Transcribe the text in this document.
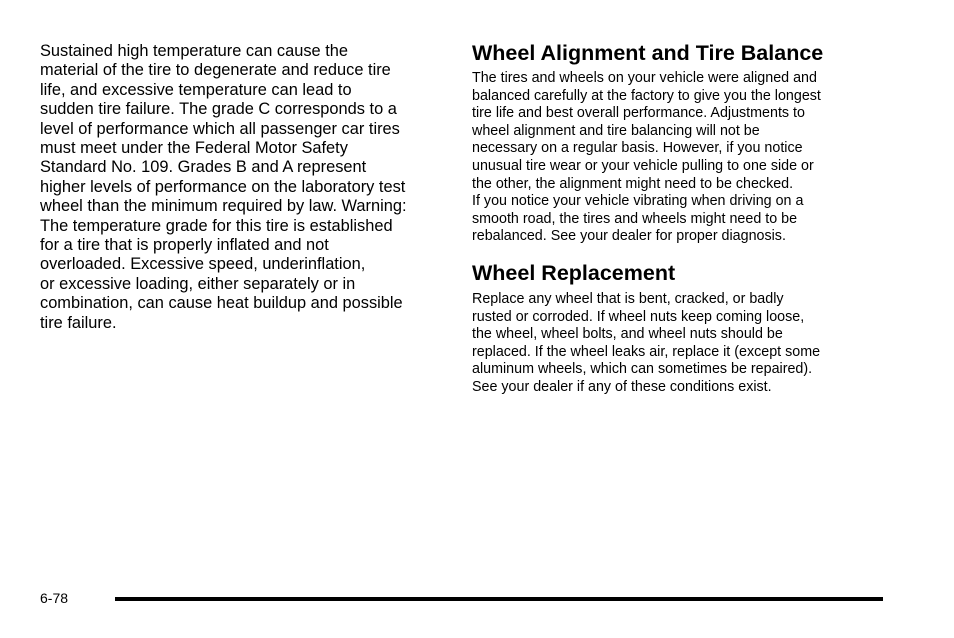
Sustained high temperature can cause the
material of the tire to degenerate and reduce tire
life, and excessive temperature can lead to
sudden tire failure. The grade C corresponds to a
level of performance which all passenger car tires
must meet under the Federal Motor Safety
Standard No. 109. Grades B and A represent
higher levels of performance on the laboratory test
wheel than the minimum required by law. Warning:
The temperature grade for this tire is established
for a tire that is properly inflated and not
overloaded. Excessive speed, underinflation,
or excessive loading, either separately or in
combination, can cause heat buildup and possible
tire failure.

Wheel Alignment and Tire Balance

The tires and wheels on your vehicle were aligned and
balanced carefully at the factory to give you the longest
tire life and best overall performance. Adjustments to
wheel alignment and tire balancing will not be
necessary on a regular basis. However, if you notice
unusual tire wear or your vehicle pulling to one side or
the other, the alignment might need to be checked.
If you notice your vehicle vibrating when driving on a
smooth road, the tires and wheels might need to be
rebalanced. See your dealer for proper diagnosis.

Wheel Replacement

Replace any wheel that is bent, cracked, or badly
rusted or corroded. If wheel nuts keep coming loose,
the wheel, wheel bolts, and wheel nuts should be
replaced. If the wheel leaks air, replace it (except some
aluminum wheels, which can sometimes be repaired).
See your dealer if any of these conditions exist.

6-78
